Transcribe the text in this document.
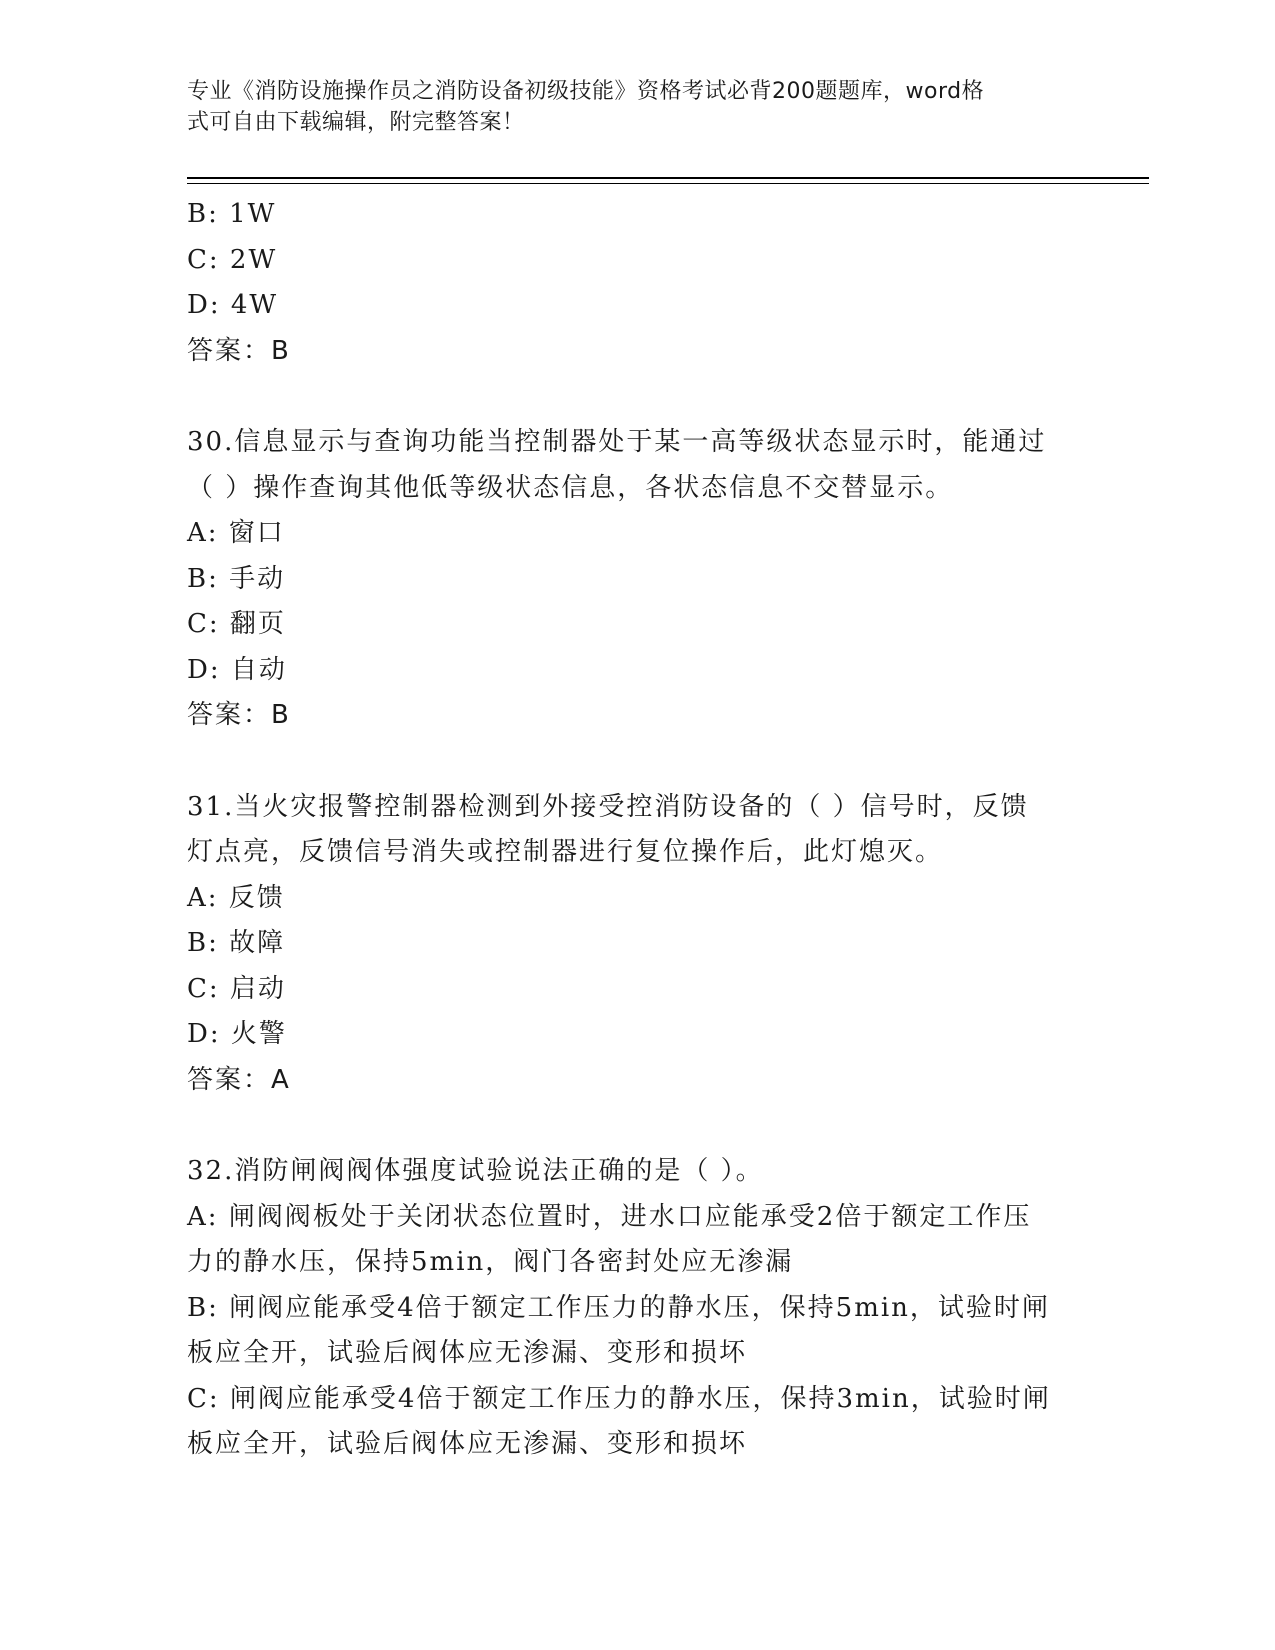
专业《消防设施操作员之消防设备初级技能》资格考试必背200题题库，word格
式可自由下载编辑，附完整答案！
B: 1W
C: 2W
D: 4W
答案：B
30.信息显示与查询功能当控制器处于某一高等级状态显示时，能通过
（ ）操作查询其他低等级状态信息，各状态信息不交替显示。
A: 窗口
B: 手动
C: 翻页
D: 自动
答案：B
31.当火灾报警控制器检测到外接受控消防设备的（ ）信号时，反馈
灯点亮，反馈信号消失或控制器进行复位操作后，此灯熄灭。
A: 反馈
B: 故障
C: 启动
D: 火警
答案：A
32.消防闸阀阀体强度试验说法正确的是（ ）。
A: 闸阀阀板处于关闭状态位置时，进水口应能承受2倍于额定工作压
力的静水压，保持5min，阀门各密封处应无渗漏
B: 闸阀应能承受4倍于额定工作压力的静水压，保持5min，试验时闸
板应全开，试验后阀体应无渗漏、变形和损坏
C: 闸阀应能承受4倍于额定工作压力的静水压，保持3min，试验时闸
板应全开，试验后阀体应无渗漏、变形和损坏
